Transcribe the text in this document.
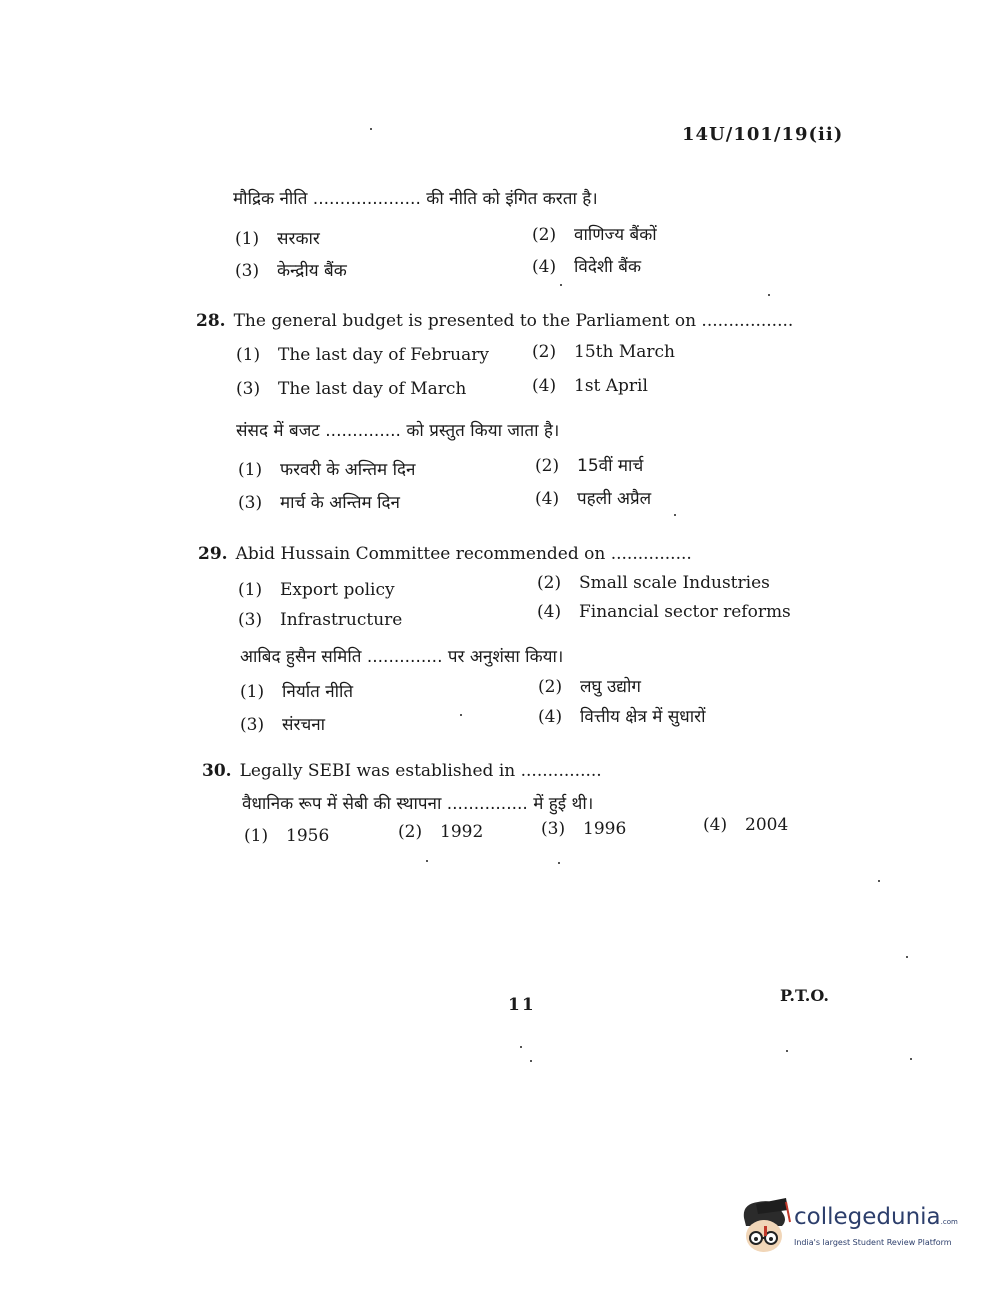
14U/101/19(ii)
मौद्रिक नीति .................... की नीति को इंगित करता है।
(1) सरकार	(2) वाणिज्य बैंकों
(3) केन्द्रीय बैंक	(4) विदेशी बैंक
28. The general budget is presented to the Parliament on .................
(1) The last day of February	(2) 15th March
(3) The last day of March	(4) 1st April
संसद में बजट .............. को प्रस्तुत किया जाता है।
(1) फरवरी के अन्तिम दिन	(2) 15वीं मार्च
(3) मार्च के अन्तिम दिन	(4) पहली अप्रैल
29. Abid Hussain Committee recommended on ...............
(1) Export policy	(2) Small scale Industries
(3) Infrastructure	(4) Financial sector reforms
आबिद हुसैन समिति .............. पर अनुशंसा किया।
(1) निर्यात नीति	(2) लघु उद्योग
(3) संरचना	(4) वित्तीय क्षेत्र में सुधारों
30. Legally SEBI was established in ...............
वैधानिक रूप में सेबी की स्थापना ............... में हुई थी।
(1) 1956	(2) 1992	(3) 1996	(4) 2004
11	P.T.O.
collegedunia.com
India's largest Student Review Platform
